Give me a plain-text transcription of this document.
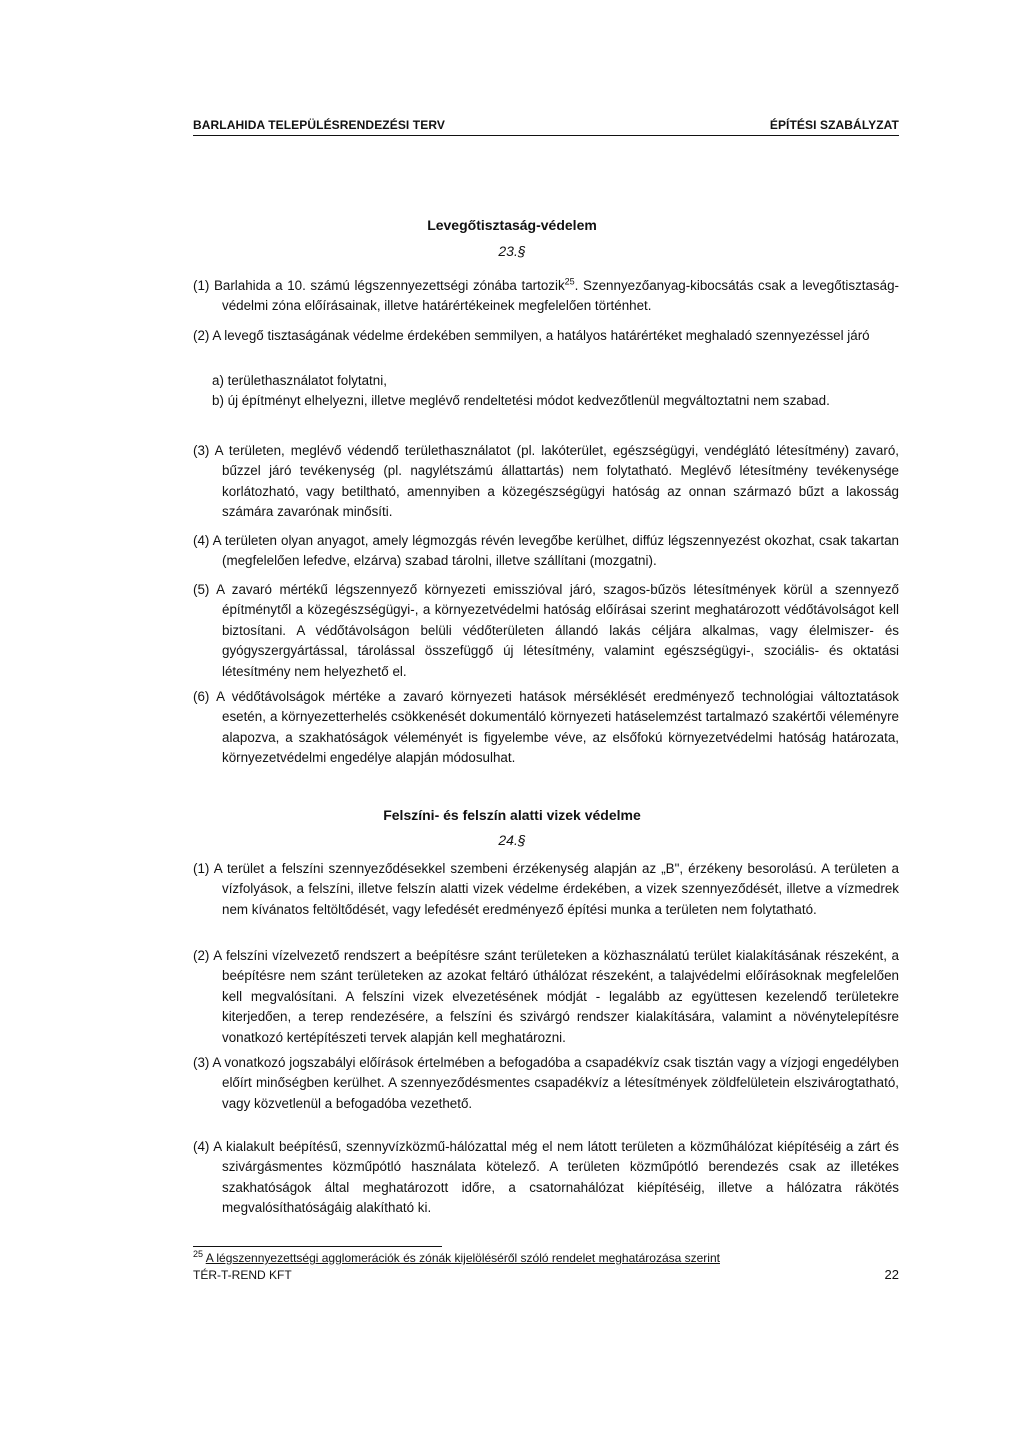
BARLAHIDA TELEPÜLÉSRENDEZÉSI TERV	ÉPÍTÉSI SZABÁLYZAT
Levegőtisztaság-védelem
23.§
(1) Barlahida a 10. számú légszennyezettségi zónába tartozik$^{25}$. Szennyezőanyag-kibocsátás csak a levegőtisztaság-védelmi zóna előírásainak, illetve határértékeinek megfelelően történhet.
(2) A levegő tisztaságának védelme érdekében semmilyen, a hatályos határértéket meghaladó szennyezéssel járó
a) területhasználatot folytatni,
b) új építményt elhelyezni, illetve meglévő rendeltetési módot kedvezőtlenül megváltoztatni nem szabad.
(3) A területen, meglévő védendő területhasználatot (pl. lakóterület, egészségügyi, vendéglátó létesítmény) zavaró, bűzzel járó tevékenység (pl. nagylétszámú állattartás) nem folytatható. Meglévő létesítmény tevékenysége korlátozható, vagy betiltható, amennyiben a közegészségügyi hatóság az onnan származó bűzt a lakosság számára zavarónak minősíti.
(4) A területen olyan anyagot, amely légmozgás révén levegőbe kerülhet, diffúz légszennyezést okozhat, csak takartan (megfelelően lefedve, elzárva) szabad tárolni, illetve szállítani (mozgatni).
(5) A zavaró mértékű légszennyező környezeti emisszióval járó, szagos-bűzös létesítmények körül a szennyező építménytől a közegészségügyi-, a környezetvédelmi hatóság előírásai szerint meghatározott védőtávolságot kell biztosítani. A védőtávolságon belüli védőterületen állandó lakás céljára alkalmas, vagy élelmiszer- és gyógyszergyártással, tárolással összefüggő új létesítmény, valamint egészségügyi-, szociális- és oktatási létesítmény nem helyezhető el.
(6) A védőtávolságok mértéke a zavaró környezeti hatások mérséklését eredményező technológiai változtatások esetén, a környezetterhelés csökkenését dokumentáló környezeti hatáselemzést tartalmazó szakértői véleményre alapozva, a szakhatóságok véleményét is figyelembe véve, az elsőfokú környezetvédelmi hatóság határozata, környezetvédelmi engedélye alapján módosulhat.
Felszíni- és felszín alatti vizek védelme
24.§
(1) A terület a felszíni szennyeződésekkel szembeni érzékenység alapján az „B", érzékeny besorolású. A területen a vízfolyások, a felszíni, illetve felszín alatti vizek védelme érdekében, a vizek szennyeződését, illetve a vízmedrek nem kívánatos feltöltődését, vagy lefedését eredményező építési munka a területen nem folytatható.
(2) A felszíni vízelvezető rendszert a beépítésre szánt területeken a közhasználatú terület kialakításának részeként, a beépítésre nem szánt területeken az azokat feltáró úthálózat részeként, a talajvédelmi előírásoknak megfelelően kell megvalósítani. A felszíni vizek elvezetésének módját - legalább az együttesen kezelendő területekre kiterjedően, a terep rendezésére, a felszíni és szivárgó rendszer kialakítására, valamint a növénytelepítésre vonatkozó kertépítészeti tervek alapján kell meghatározni.
(3) A vonatkozó jogszabályi előírások értelmében a befogadóba a csapadékvíz csak tisztán vagy a vízjogi engedélyben előírt minőségben kerülhet. A szennyeződésmentes csapadékvíz a létesítmények zöldfelületein elszivárogtatható, vagy közvetlenül a befogadóba vezethető.
(4) A kialakult beépítésű, szennyvízközmű-hálózattal még el nem látott területen a közműhálózat kiépítéséig a zárt és szivárgásmentes közműpótló használata kötelező. A területen közműpótló berendezés csak az illetékes szakhatóságok által meghatározott időre, a csatornahálózat kiépítéséig, illetve a hálózatra rákötés megvalósíthatóságáig alakítható ki.
$^{25}$ A légszennyezettségi agglomerációk és zónák kijelöléséről szóló rendelet meghatározása szerint
TÉR-T-REND KFT	22
